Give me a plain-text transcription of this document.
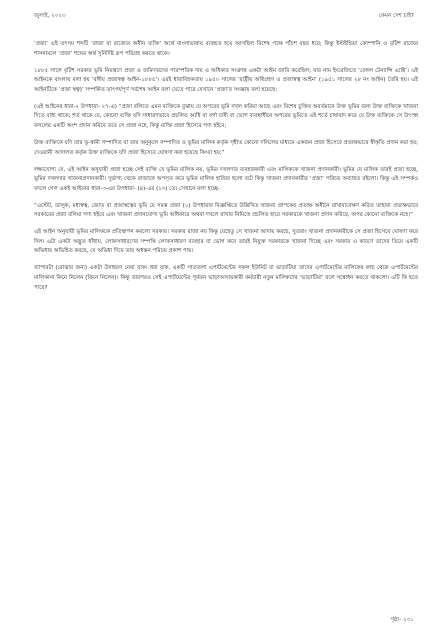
জুলাই, ২০২৩	কেমন দেশ চাই?

‘প্রজা’ এই তৎসম শব্দটি ‘রাজা বা রাজ্যের অধীন ব্যক্তি’ অর্থে বাংলাভাষায় ব্যবহৃত হয়ে আসছিল বিশেষ পক্ষে পাঁচশ বছর ধরে; কিন্তু ইস্ট‌ইন্ডিয়া কোম্পানি ও বৃটিশ রাজের শাসনামলে ‘প্রজা’ শব্দের অর্থ সুনির্দিষ্ট রূপ পরিগ্রহ করতে থাকে।

১৮৮৫ সালে বৃটিশ সরকার ভূমি নিয়ন্ত্রণে প্রজা ও জমিদারদের পারস্পরিক দায় ও অধিকার সংক্রান্ত একটা আইন জারি করেছিল; যার নাম ইংরেজিতে ‘বেঙ্গল টেন্যান্সি এ্যাক্ট’। এই আইনকে বাংলায় বলা হয় ‘বঙ্গীয় প্রজাস্বত্ব আইন-১৮৮৫’। এরই ধারাবিহকতায় ১৯৫০ সালের ‘রাষ্ট্রীয় অধিগ্রহণ ও প্রজাস্বত্ব আইন’ (১৯৫১ সালের ২৮ নং আইন) তৈরি হয়। এই আইনটিকে ‘প্রজা স্বত্ব)’ সম্পর্কিত তাৎপর্যপূর্ণ সর্বশেষ আইন বলা যেতে পারে যেখানে ‘প্রজা’র সংজ্ঞায় বলা হয়েছে:

(এই আইনের ধারা-২ উপধারা- ২৭-এ) “প্রজা বলিতে এমন ব্যক্তিকে বুঝায় যে অপরের ভূমি দখল করিয়া আছে এবং বিশেষ চুক্তির অবর্তমানে উক্ত ভূমির জন্য উক্ত ব্যক্তিকে খাজনা দিতে বাধ্য থাকে; শর্ত থাকে যে, কোনো ব্যক্তি যদি সাধারণভাবে প্রচলিত আধি বা বর্গা চাষী বা ভোগ ব্যবস্থাধীনে অপরের ভূমিতে এই শর্তে চাষাবাদ করে যে উক্ত ব্যক্তিকে সে উৎপন্ন ফসলের একটি অংশ প্রদান করিবে তবে সে প্রজা নহে, কিন্তু ব্যক্তি প্রজা হিসেবে গণ্য হইবে;

উক্ত ব্যক্তিকে যদি তার ভূ-স্বামী সম্পাদিত বা তার অনুকূলে সম্পাদিত ও ভূমির মালিক কর্তৃক গৃহীত কোনো দলিলের মাধ্যমে একজন প্রজা হিসেবে প্রত্যক্ষভাবে স্বীকৃতি প্রদান করা হয়; দেওয়ানী আদালত কর্তৃক উক্ত ব্যক্তিকে যদি প্রজা হিসেবে ঘোষণা করা হয়েছে কিংবা হয়;”

লক্ষ্যযোগ্য যে, এই আইন অনুযায়ী প্রজা হচ্ছে সেই ব্যক্তি যে ভূমির মালিক নয়, ভূমির দখলদার ব্যবহারকারী এবং মালিককে খাজনা প্রদানকারী। ভূমির যে মালিক তারই প্রজা হচ্ছে, ভূমির দখলদার খাজনাপ্রদানকারী। দুর্ভাগ্য থেকে রাজাকে অপসৃত করে ভূমির মালিক হাজির হলো বটে কিন্তু খাজনা প্রদানকারীর ‘প্রজা’ পরিচয় অব্যাহত রইলো। কিন্তু এই সম্পর্কও বদলে গেল একই আইনের ধারা-৩-এর উপধারা- (৪)-এর (১৩) তে। সেখানে বলা হচ্ছে-

“এস্টেট, তালুক, মধ্যস্বত্ব, জোত বা প্রজাস্বত্বের ভূমি যে সমস্ত প্রজা (১) উপধারার বিজ্ঞপ্তিতে উল্লিখিত খাজনা প্রাপকের প্রত্যক্ষ অধীনে রাখাবাবেক্ষণ করিত তাহারা প্রত্যক্ষভাবে সরকারের প্রজা বলিয়া গণ্য হইবে এবং খাজনা প্রদানযোগ্য ভূমি অধিকারে অথবা দখলে রাখার নিমিত্তে প্রচলিত হারে সরকারকে খাজনা প্রদান করিবে, অপর কোনো ব্যক্তিকে নহে।”

এই আইন অনুযায়ী ভূমির মালিককে প্রতিস্থাপন করলো সরকার। সরকার রাজা নয় কিন্তু যেহেতু সে খাজনা আদায় করছে, সুতরাং খাজনা প্রদানকারীকে সে প্রজা হিসেবে ঘোষণা করে দিল। এটা একটা অদ্ভুত ধাঁধায়, লোকসাধারণের সম্পত্তি লোকসাধারণ ব্যবহার বা ভোগ করে তারই নিযুক্ত সরকারকে খাজনা দিচ্ছে এবং সরকার এ কারণে তাদের তিয়ে একটি অভিধায় অভিহিত করছে, যে অভিধা দিয়ে তার অধস্তন পরিচয় প্রকাশ পায়।

ব্যাপারটা (বোঝার জন্য) একটা উদাহরণ নেয়া যাক। ধরা যাক, একটি সাততলা এপার্টমেন্টের সকল ইউনিট বা ভাড়াটিয়া তাদের এপার্টমেন্টের মালিকের কাছ থেকে এপার্টমেন্টের মালিকানা কিনে নিলেন (কিনে নিলেন)। কিন্তু তারপরও সেই এপার্টমেন্টের পূর্বতন ভাড়াআদায়কারী কর্মচারী নতুন মালিকদের ‘ভাড়াটিয়া’ বলে সম্বোধন করতে থাকলো। এটি কি হতে পারে?

পৃষ্ঠা- ২৩১
